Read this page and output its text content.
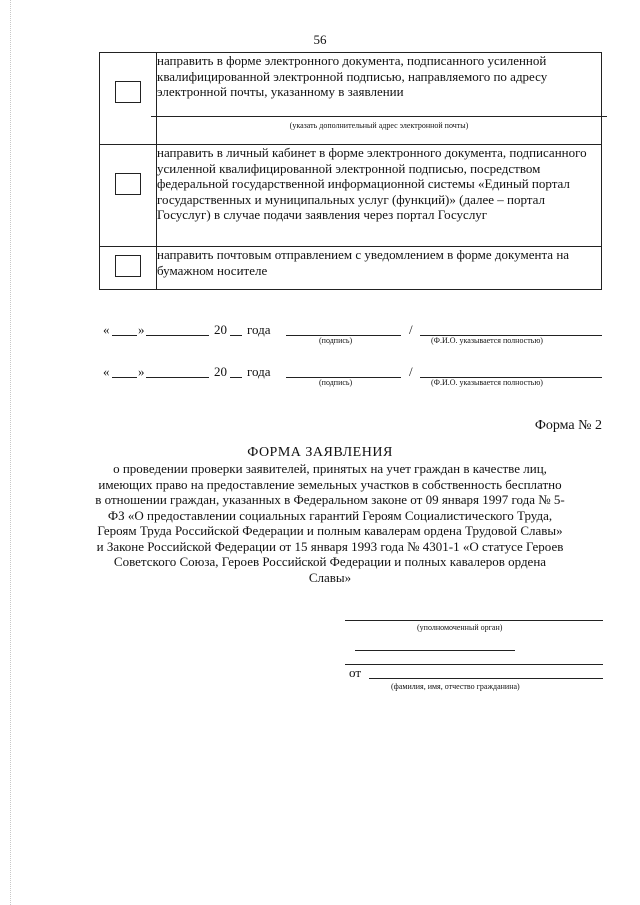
56

	направить в форме электронного документа, подписанного усиленной квалифицированной электронной подписью, направляемого по адресу электронной почты, указанному в заявлении
(указать дополнительный адрес электронной почты)

	направить в личный кабинет в форме электронного документа, подписанного усиленной квалифицированной электронной подписью, посредством федеральной государственной информационной системы «Единый портал государственных и муниципальных услуг (функций)» (далее – портал Госуслуг) в случае подачи заявления через портал Госуслуг

	направить почтовым отправлением с уведомлением в форме документа на бумажном носителе
« »	20 года	/
(подпись)	(Ф.И.О. указывается полностью)
« »	20 года	/
(подпись)	(Ф.И.О. указывается полностью)
Форма № 2
ФОРМА ЗАЯВЛЕНИЯ
о проведении проверки заявителей, принятых на учет граждан в качестве лиц, имеющих право на предоставление земельных участков в собственность бесплатно в отношении граждан, указанных в Федеральном законе от 09 января 1997 года № 5-ФЗ «О предоставлении социальных гарантий Героям Социалистического Труда, Героям Труда Российской Федерации и полным кавалерам ордена Трудовой Славы» и Законе Российской Федерации от 15 января 1993 года № 4301-1 «О статусе Героев Советского Союза, Героев Российской Федерации и полных кавалеров ордена Славы»
(уполномоченный орган)
от
(фамилия, имя, отчество гражданина)
